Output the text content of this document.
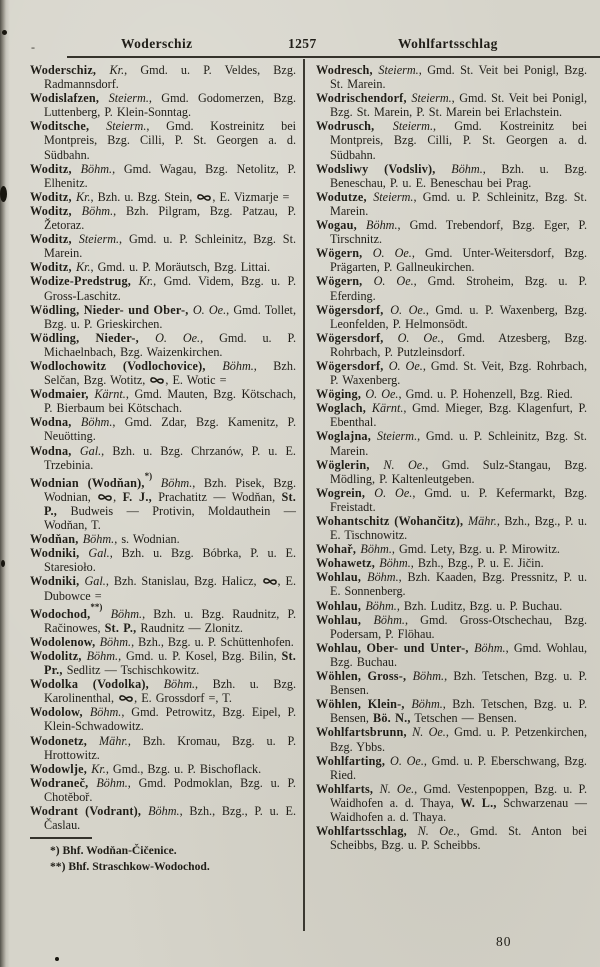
-	Woderschiz	1257	Wohlfartsschlag

Woderschiz, Kr., Gmd. u. P. Veldes, Bzg. Radmannsdorf.

Wodislafzen, Steierm., Gmd. Godomerzen, Bzg. Luttenberg, P. Klein-Sonntag.

Woditsche, Steierm., Gmd. Kostreinitz bei Montpreis, Bzg. Cilli, P. St. Georgen a. d. Südbahn.

Woditz, Böhm., Gmd. Wagau, Bzg. Netolitz, P. Elhenitz.

Woditz, Kr., Bzh. u. Bzg. Stein,
, E. Vizmarje =

Woditz, Böhm., Bzh. Pilgram, Bzg. Patzau, P. Žetoraz.

Woditz, Steierm., Gmd. u. P. Schleinitz, Bzg. St. Marein.

Woditz, Kr., Gmd. u. P. Moräutsch, Bzg. Littai.

Wodize-Predstrug, Kr., Gmd. Videm, Bzg. u. P. Gross-Laschitz.

Wödling, Nieder- und Ober-, O. Oe., Gmd. Tollet, Bzg. u. P. Grieskirchen.

Wödling, Nieder-, O. Oe., Gmd. u. P. Michaelnbach, Bzg. Waizenkirchen.

Wodlochowitz (Vodlochovice), Böhm., Bzh. Selčan, Bzg. Wotitz,
, E. Wotic =

Wodmaier, Kärnt., Gmd. Mauten, Bzg. Kötschach, P. Bierbaum bei Kötschach.

Wodna, Böhm., Gmd. Zdar, Bzg. Kamenitz, P. Neuötting.

Wodna, Gal., Bzh. u. Bzg. Chrzanów, P. u. E. Trzebinia.

Wodnian (Wodňan),*) Böhm., Bzh. Pisek, Bzg. Wodnian,
, F. J., Prachatitz — Wodňan, St. P., Budweis — Protivin, Moldauthein — Wodňan, T.

Wodňan, Böhm., s. Wodnian.

Wodniki, Gal., Bzh. u. Bzg. Bóbrka, P. u. E. Staresioło.

Wodniki, Gal., Bzh. Stanislau, Bzg. Halicz,
, E. Dubowce =

Wodochod,**) Böhm., Bzh. u. Bzg. Raudnitz, P. Račinowes, St. P., Raudnitz — Zlonitz.

Wodolenow, Böhm., Bzh., Bzg. u. P. Schüttenhofen.

Wodolitz, Böhm., Gmd. u. P. Kosel, Bzg. Bilin, St. Pr., Sedlitz — Tschischkowitz.

Wodolka (Vodolka), Böhm., Bzh. u. Bzg. Karolinenthal,
, E. Grossdorf =, T.

Wodolow, Böhm., Gmd. Petrowitz, Bzg. Eipel, P. Klein-Schwadowitz.

Wodonetz, Mähr., Bzh. Kromau, Bzg. u. P. Hrottowitz.

Wodowlje, Kr., Gmd., Bzg. u. P. Bischoflack.

Wodraneč, Böhm., Gmd. Podmoklan, Bzg. u. P. Chotěboř.

Wodrant (Vodrant), Böhm., Bzh., Bzg., P. u. E. Časlau.

*) Bhf. Wodňan-Čičenice.

**) Bhf. Straschkow-Wodochod.

Wodresch, Steierm., Gmd. St. Veit bei Ponigl, Bzg. St. Marein.

Wodrischendorf, Steierm., Gmd. St. Veit bei Ponigl, Bzg. St. Marein, P. St. Marein bei Erlachstein.

Wodrusch, Steierm., Gmd. Kostreinitz bei Montpreis, Bzg. Cilli, P. St. Georgen a. d. Südbahn.

Wodsliwy (Vodsliv), Böhm., Bzh. u. Bzg. Beneschau, P. u. E. Beneschau bei Prag.

Wodutze, Steierm., Gmd. u. P. Schleinitz, Bzg. St. Marein.

Wogau, Böhm., Gmd. Trebendorf, Bzg. Eger, P. Tirschnitz.

Wögern, O. Oe., Gmd. Unter-Weitersdorf, Bzg. Prägarten, P. Gallneukirchen.

Wögern, O. Oe., Gmd. Stroheim, Bzg. u. P. Eferding.

Wögersdorf, O. Oe., Gmd. u. P. Waxenberg, Bzg. Leonfelden, P. Helmonsödt.

Wögersdorf, O. Oe., Gmd. Atzesberg, Bzg. Rohrbach, P. Putzleinsdorf.

Wögersdorf, O. Oe., Gmd. St. Veit, Bzg. Rohrbach, P. Waxenberg.

Wöging, O. Oe., Gmd. u. P. Hohenzell, Bzg. Ried.

Woglach, Kärnt., Gmd. Mieger, Bzg. Klagenfurt, P. Ebenthal.

Woglajna, Steierm., Gmd. u. P. Schleinitz, Bzg. St. Marein.

Wöglerin, N. Oe., Gmd. Sulz-Stangau, Bzg. Mödling, P. Kaltenleutgeben.

Wogrein, O. Oe., Gmd. u. P. Kefermarkt, Bzg. Freistadt.

Wohantschitz (Wohančitz), Mähr., Bzh., Bzg., P. u. E. Tischnowitz.

Wohař, Böhm., Gmd. Lety, Bzg. u. P. Mirowitz.

Wohawetz, Böhm., Bzh., Bzg., P. u. E. Jičin.

Wohlau, Böhm., Bzh. Kaaden, Bzg. Pressnitz, P. u. E. Sonnenberg.

Wohlau, Böhm., Bzh. Luditz, Bzg. u. P. Buchau.

Wohlau, Böhm., Gmd. Gross-Otschechau, Bzg. Podersam, P. Flöhau.

Wohlau, Ober- und Unter-, Böhm., Gmd. Wohlau, Bzg. Buchau.

Wöhlen, Gross-, Böhm., Bzh. Tetschen, Bzg. u. P. Bensen.

Wöhlen, Klein-, Böhm., Bzh. Tetschen, Bzg. u. P. Bensen, Bö. N., Tetschen — Bensen.

Wohlfartsbrunn, N. Oe., Gmd. u. P. Petzenkirchen, Bzg. Ybbs.

Wohlfarting, O. Oe., Gmd. u. P. Eberschwang, Bzg. Ried.

Wohlfarts, N. Oe., Gmd. Vestenpoppen, Bzg. u. P. Waidhofen a. d. Thaya, W. L., Schwarzenau — Waidhofen a. d. Thaya.

Wohlfartsschlag, N. Oe., Gmd. St. Anton bei Scheibbs, Bzg. u. P. Scheibbs.

80
